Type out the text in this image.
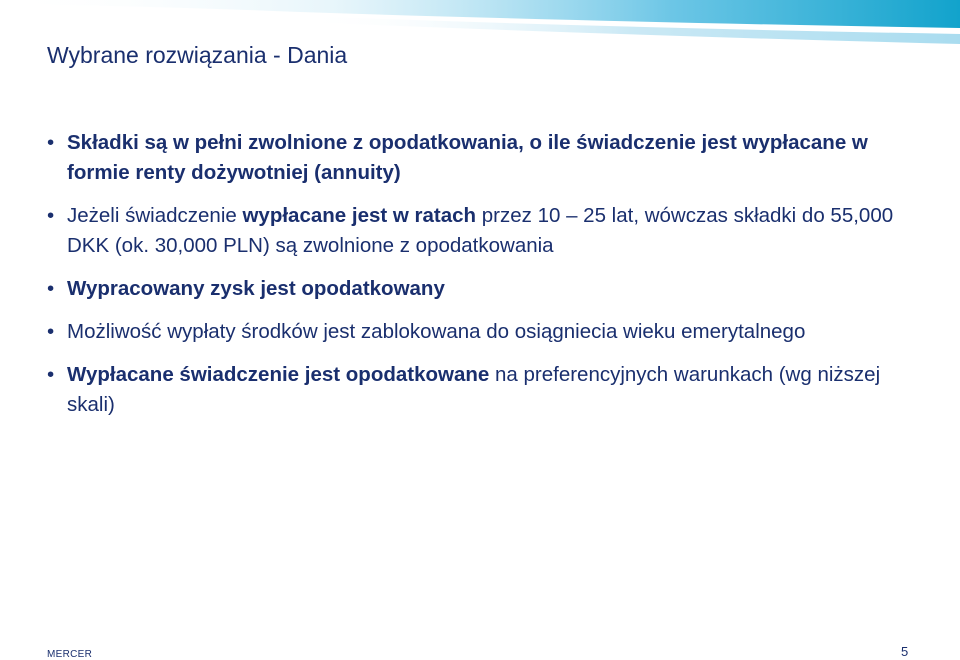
Wybrane rozwiązania - Dania
• Składki są w pełni zwolnione z opodatkowania, o ile świadczenie jest wypłacane w formie renty dożywotniej (annuity)
• Jeżeli świadczenie wypłacane jest w ratach przez 10 – 25 lat, wówczas składki do 55,000 DKK (ok. 30,000 PLN) są zwolnione z opodatkowania
• Wypracowany zysk jest opodatkowany
• Możliwość wypłaty środków jest zablokowana do osiągniecia wieku emerytalnego
• Wypłacane świadczenie jest opodatkowane na preferencyjnych warunkach (wg niższej skali)
MERCER	5
